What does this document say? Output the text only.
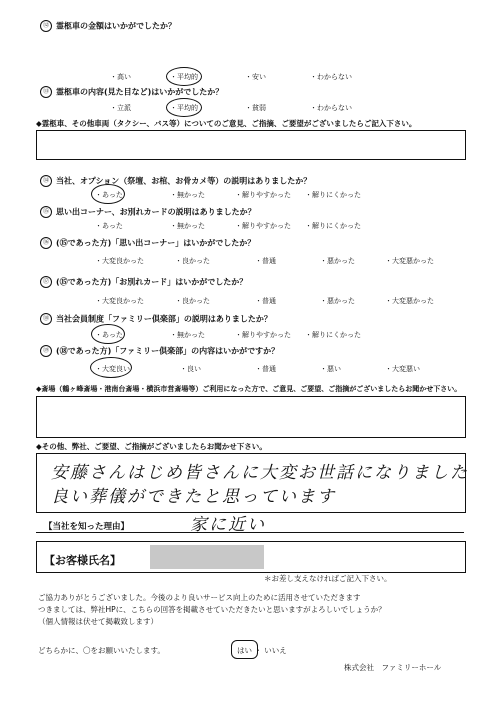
⑫ 霊柩車の金額はいかがでしたか？
・ 高い	・ 平均的	・ 安い	・ わからない
⑬ 霊柩車の内容(見た目など)はいかがでしたか？
・ 立派	・ 平均的	・ 貧弱	・ わからない
◆霊柩車、その他車両（タクシー、バス等）についてのご意見、ご指摘、ご要望がございましたらご記入下さい。
⑭ 当社、オプション（祭壇、お棺、お骨カメ等）の説明はありましたか？
・ あった	・ 無かった	・ 解りやすかった	・ 解りにくかった
⑮ 思い出コーナー、お別れカードの説明はありましたか？
・ あった	・ 無かった	・ 解りやすかった	・ 解りにくかった
⑯ (⑮であった方)「思い出コーナー」はいかがでしたか？
・ 大変良かった	・ 良かった	・ 普通	・ 悪かった	・ 大変悪かった
⑰ (⑮であった方)「お別れカード」はいかがでしたか？
・ 大変良かった	・ 良かった	・ 普通	・ 悪かった	・ 大変悪かった
⑱ 当社会員制度「ファミリー倶楽部」の説明はありましたか？
・ あった	・ 無かった	・ 解りやすかった	・ 解りにくかった
⑲ (⑱であった方)「ファミリー倶楽部」の内容はいかがですか？
・ 大変良い	・ 良い	・ 普通	・ 悪い	・ 大変悪い
◆斎場（鶴ヶ峰斎場・港南台斎場・横浜市営斎場等）ご利用になった方で、ご意見、ご要望、ご指摘がございましたらお聞かせ下さい。
◆その他、弊社、ご要望、ご指摘がございましたらお聞かせ下さい。
安藤さんはじめ皆さんに大変お世話になりました
良い葬儀ができたと思っています
【当社を知った理由】	家に近い
【お客様氏名】
＊お差し支えなければご記入下さい。
ご協力ありがとうございました。今後のより良いサービス向上のために活用させていただきます
つきましては、弊社HPに、こちらの回答を掲載させていただきたいと思いますがよろしいでしょうか？
（個人情報は伏せて掲載致します）
どちらかに、〇をお願いいたします。	はい ・ いいえ
株式会社　ファミリーホール
